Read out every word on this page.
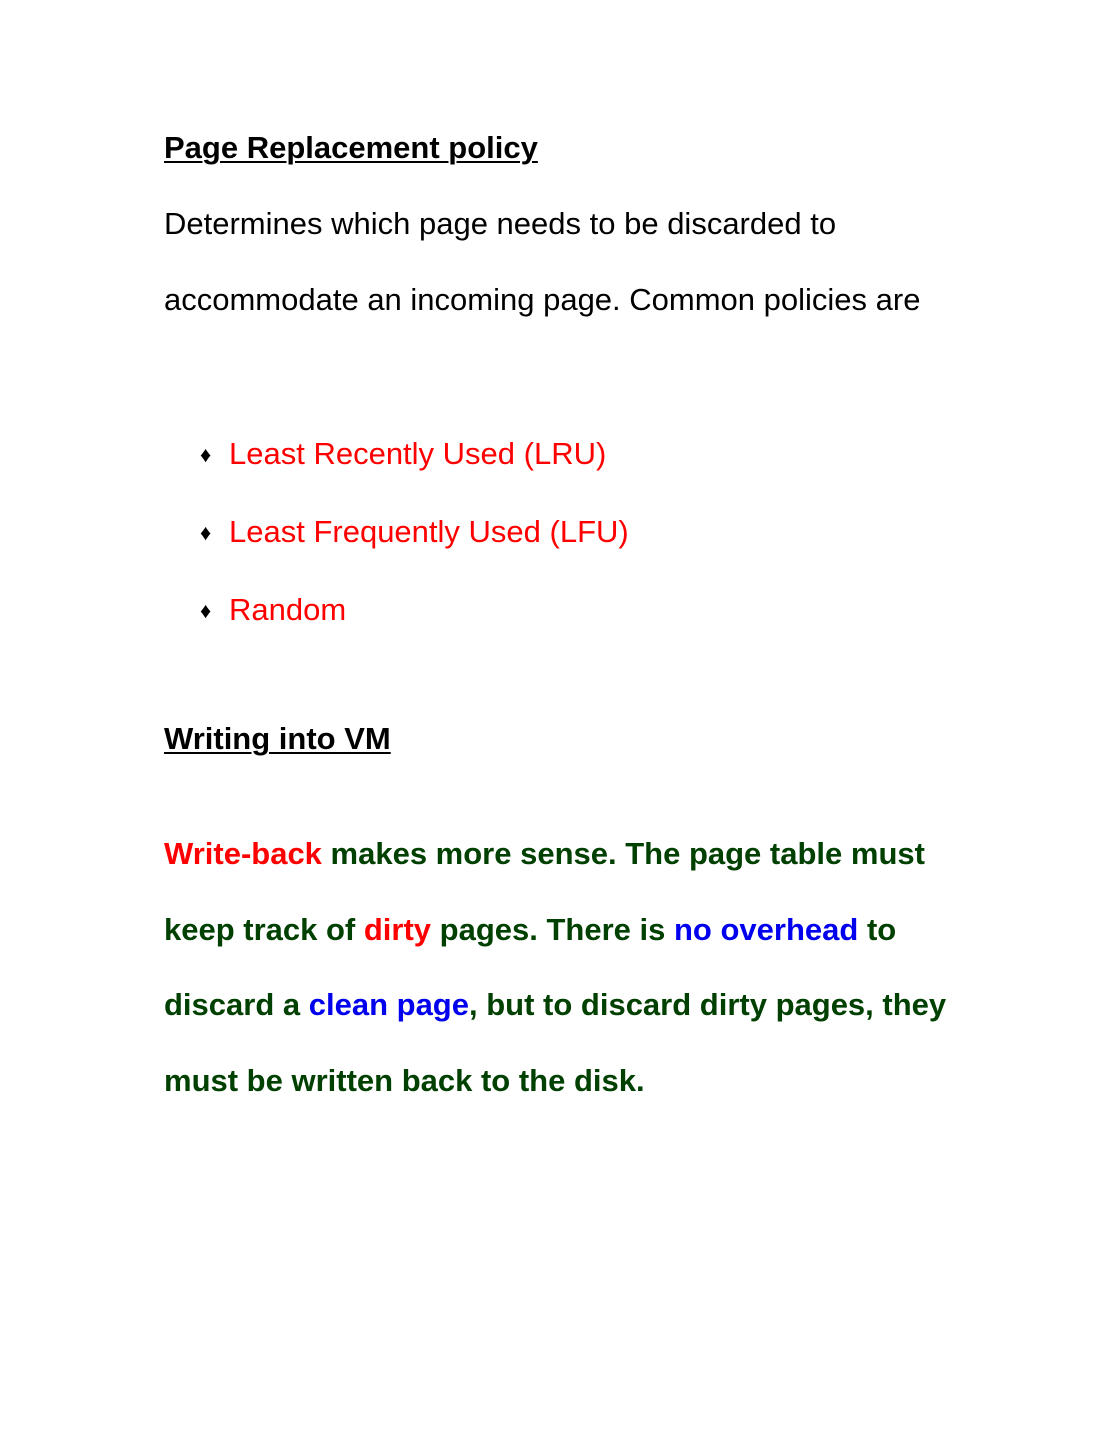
Page Replacement policy

Determines which page needs to be discarded to accommodate an incoming page. Common policies are

♦ Least Recently Used (LRU)
♦ Least Frequently Used (LFU)
♦ Random
Writing into VM

Write-back makes more sense. The page table must keep track of dirty pages. There is no overhead to discard a clean page, but to discard dirty pages, they must be written back to the disk.
